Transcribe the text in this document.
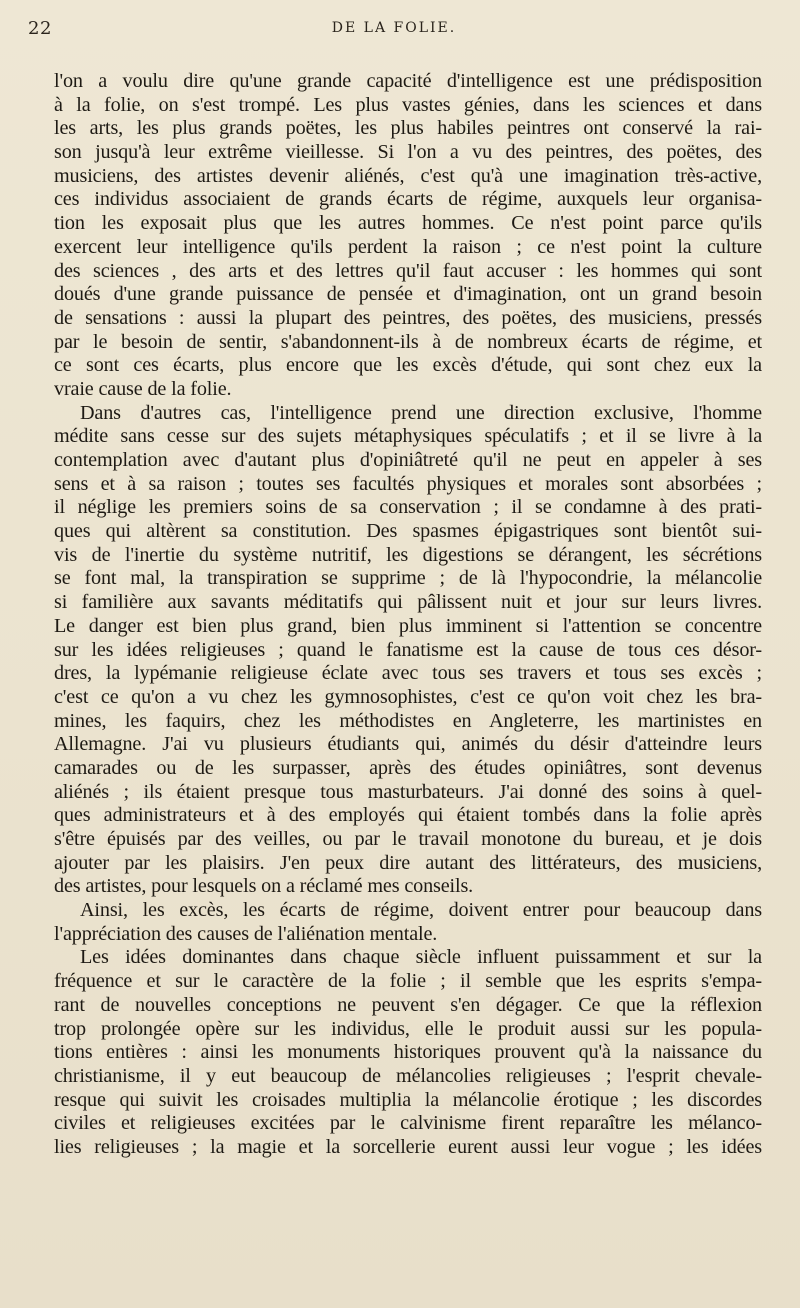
22	DE LA FOLIE.

l'on a voulu dire qu'une grande capacité d'intelligence est une prédisposition
à la folie, on s'est trompé. Les plus vastes génies, dans les sciences et dans
les arts, les plus grands poëtes, les plus habiles peintres ont conservé la rai-
son jusqu'à leur extrême vieillesse. Si l'on a vu des peintres, des poëtes, des
musiciens, des artistes devenir aliénés, c'est qu'à une imagination très-active,
ces individus associaient de grands écarts de régime, auxquels leur organisa-
tion les exposait plus que les autres hommes. Ce n'est point parce qu'ils
exercent leur intelligence qu'ils perdent la raison ; ce n'est point la culture
des sciences , des arts et des lettres qu'il faut accuser : les hommes qui sont
doués d'une grande puissance de pensée et d'imagination, ont un grand besoin
de sensations : aussi la plupart des peintres, des poëtes, des musiciens, pressés
par le besoin de sentir, s'abandonnent-ils à de nombreux écarts de régime, et
ce sont ces écarts, plus encore que les excès d'étude, qui sont chez eux la
vraie cause de la folie.

Dans d'autres cas, l'intelligence prend une direction exclusive, l'homme
médite sans cesse sur des sujets métaphysiques spéculatifs ; et il se livre à la
contemplation avec d'autant plus d'opiniâtreté qu'il ne peut en appeler à ses
sens et à sa raison ; toutes ses facultés physiques et morales sont absorbées ;
il néglige les premiers soins de sa conservation ; il se condamne à des prati-
ques qui altèrent sa constitution. Des spasmes épigastriques sont bientôt sui-
vis de l'inertie du système nutritif, les digestions se dérangent, les sécrétions
se font mal, la transpiration se supprime ; de là l'hypocondrie, la mélancolie
si familière aux savants méditatifs qui pâlissent nuit et jour sur leurs livres.
Le danger est bien plus grand, bien plus imminent si l'attention se concentre
sur les idées religieuses ; quand le fanatisme est la cause de tous ces désor-
dres, la lypémanie religieuse éclate avec tous ses travers et tous ses excès ;
c'est ce qu'on a vu chez les gymnosophistes, c'est ce qu'on voit chez les bra-
mines, les faquirs, chez les méthodistes en Angleterre, les martinistes en
Allemagne. J'ai vu plusieurs étudiants qui, animés du désir d'atteindre leurs
camarades ou de les surpasser, après des études opiniâtres, sont devenus
aliénés ; ils étaient presque tous masturbateurs. J'ai donné des soins à quel-
ques administrateurs et à des employés qui étaient tombés dans la folie après
s'être épuisés par des veilles, ou par le travail monotone du bureau, et je dois
ajouter par les plaisirs. J'en peux dire autant des littérateurs, des musiciens,
des artistes, pour lesquels on a réclamé mes conseils.

Ainsi, les excès, les écarts de régime, doivent entrer pour beaucoup dans
l'appréciation des causes de l'aliénation mentale.

Les idées dominantes dans chaque siècle influent puissamment et sur la
fréquence et sur le caractère de la folie ; il semble que les esprits s'empa-
rant de nouvelles conceptions ne peuvent s'en dégager. Ce que la réflexion
trop prolongée opère sur les individus, elle le produit aussi sur les popula-
tions entières : ainsi les monuments historiques prouvent qu'à la naissance du
christianisme, il y eut beaucoup de mélancolies religieuses ; l'esprit chevale-
resque qui suivit les croisades multiplia la mélancolie érotique ; les discordes
civiles et religieuses excitées par le calvinisme firent reparaître les mélanco-
lies religieuses ; la magie et la sorcellerie eurent aussi leur vogue ; les idées
